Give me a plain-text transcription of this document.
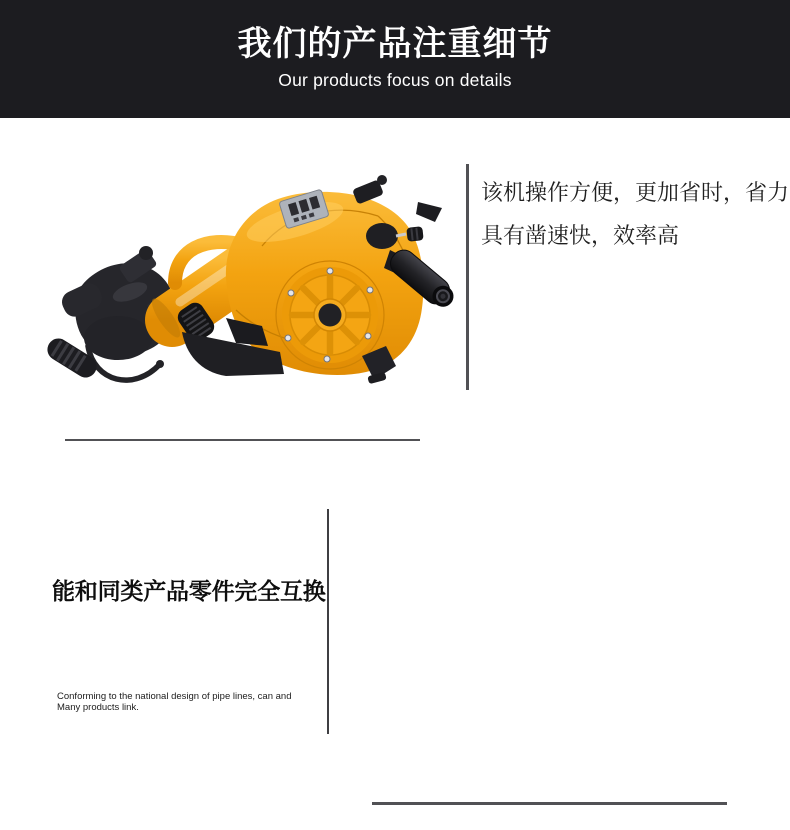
我们的产品注重细节

Our products focus on details

该机操作方便，更加省时，省力
具有凿速快，效率高
能和同类产品零件完全互换
Conforming to the national design of pipe lines, can and
Many products link.
